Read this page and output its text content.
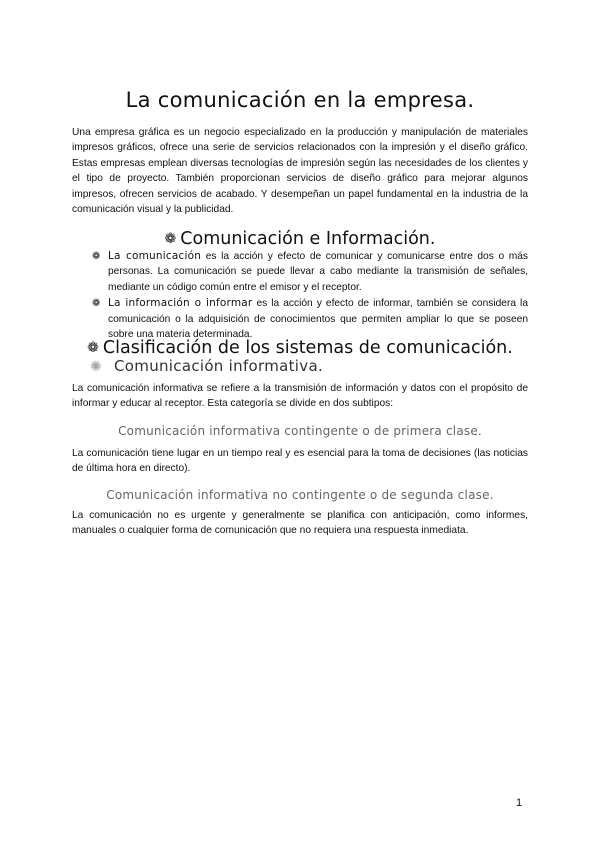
La comunicación en la empresa.
Una empresa gráfica es un negocio especializado en la producción y manipulación de materiales impresos gráficos, ofrece una serie de servicios relacionados con la impresión y el diseño gráfico. Estas empresas emplean diversas tecnologías de impresión según las necesidades de los clientes y el tipo de proyecto. También proporcionan servicios de diseño gráfico para mejorar algunos impresos, ofrecen servicios de acabado. Y desempeñan un papel fundamental en la industria de la comunicación visual y la publicidad.
❁ Comunicación e Información.
❁ La comunicación es la acción y efecto de comunicar y comunicarse entre dos o más personas. La comunicación se puede llevar a cabo mediante la transmisión de señales, mediante un código común entre el emisor y el receptor.
❁ La información o informar es la acción y efecto de informar, también se considera la comunicación o la adquisición de conocimientos que permiten ampliar lo que se poseen sobre una materia determinada.
❁ Clasificación de los sistemas de comunicación.
✺ Comunicación informativa.
La comunicación informativa se refiere a la transmisión de información y datos con el propósito de informar y educar al receptor. Esta categoría se divide en dos subtipos:
Comunicación informativa contingente o de primera clase.
La comunicación tiene lugar en un tiempo real y es esencial para la toma de decisiones (las noticias de última hora en directo).
Comunicación informativa no contingente o de segunda clase.
La comunicación no es urgente y generalmente se planifica con anticipación, como informes, manuales o cualquier forma de comunicación que no requiera una respuesta inmediata.
1
